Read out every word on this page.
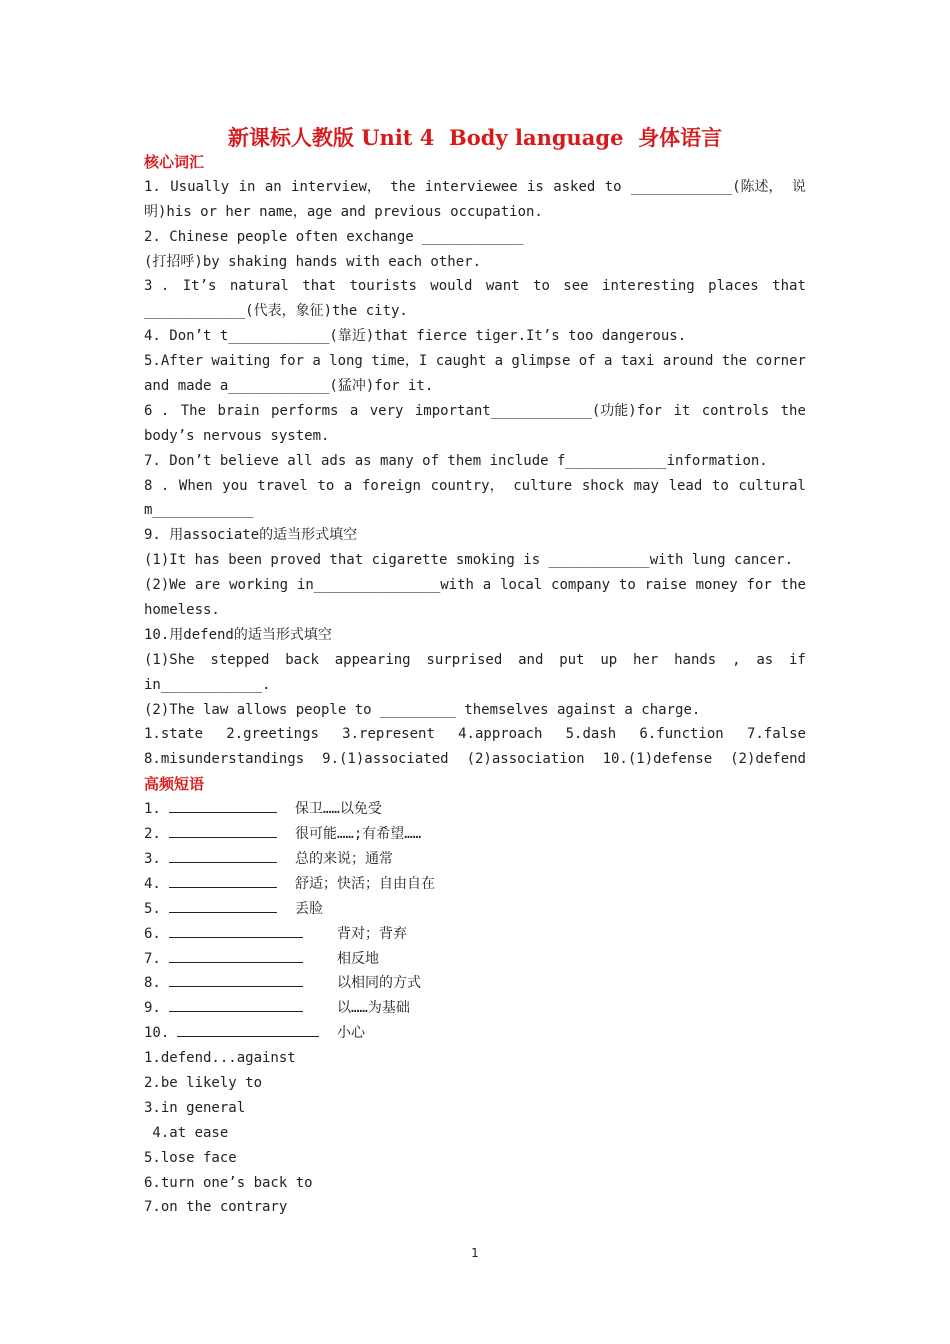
新课标人教版 Unit 4  Body language  身体语言
核心词汇
1. Usually in an interview， the interviewee is asked to ____________(陈述， 说
明)his or her name，age and previous occupation.
2. Chinese people often exchange ____________
(打招呼)by shaking hands with each other.
3 . It’s natural that tourists would want to see interesting places that
____________(代表，象征)the city.
4. Don’t t____________(靠近)that fierce tiger.It’s too dangerous.
5.After waiting for a long time，I caught a glimpse of a taxi around the corner
and made a____________(猛冲)for it.
6 . The brain performs a very important____________(功能)for it controls the
body’s nervous system.
7. Don’t believe all ads as many of them include f____________information.
8 . When you travel to a foreign country， culture shock may lead to cultural
m____________
9. 用associate的适当形式填空
(1)It has been proved that cigarette smoking is ____________with lung cancer.
(2)We are working in_______________with a local company to raise money for the
homeless.
10.用defend的适当形式填空
(1)She stepped back appearing surprised and put up her hands , as if
in____________.
(2)The law allows people to _________ themselves against a charge.
1.state 2.greetings 3.represent 4.approach 5.dash 6.function 7.false
8.misunderstandings 9.(1)associated (2)association 10.(1)defense (2)defend
高频短语
1.	保卫……以免受
2.	很可能……;有希望……
3.	总的来说；通常
4.	舒适；快活；自由自在
5.	丢脸
6.	背对；背弃
7.	相反地
8.	以相同的方式
9.	以……为基础
10.	小心
1.defend...against
2.be likely to
3.in general
4.at ease
5.lose face
6.turn one’s back to
7.on the contrary
1
